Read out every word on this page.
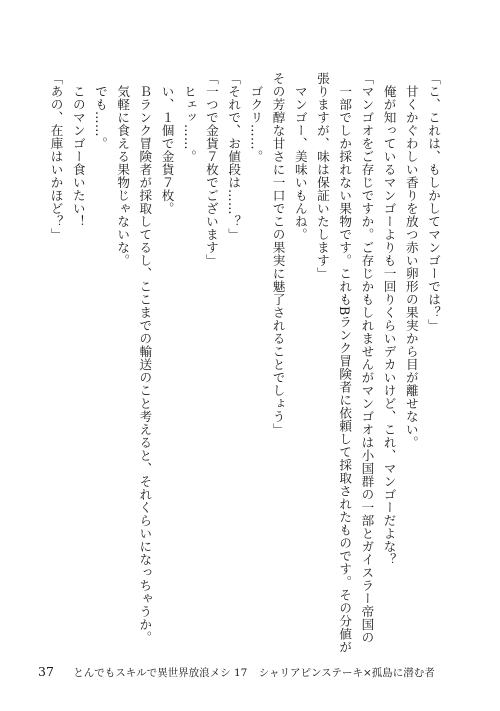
「こ、これは、もしかしてマンゴーでは？」
甘くかぐわしい香りを放つ赤い卵形の果実から目が離せない。
俺が知っているマンゴーよりも一回りくらいデカいけど、これ、マンゴーだよな？
「マンゴオをご存じですか。ご存じかもしれませんがマンゴオは小国群の一部とガイスラー帝国の
一部でしか採れない果物です。これもBランク冒険者に依頼して採取されたものです。その分値が
張りますが、味は保証いたします」
マンゴー、美味いもんね。
その芳醇な甘さに一口でこの果実に魅了されることでしょう」
ゴクリ……。
「それで、お値段は……？」
「一つで金貨７枚でございます」
ヒェッ……。
い、１個で金貨７枚。
Ｂランク冒険者が採取してるし、ここまでの輸送のこと考えると、それくらいになっちゃうか。
気軽に食える果物じゃないな。
でも……。
このマンゴー食いたい！
「あの、在庫はいかほど？」
37 とんでもスキルで異世界放浪メシ 17 シャリアピンステーキ×孤島に潜む者
